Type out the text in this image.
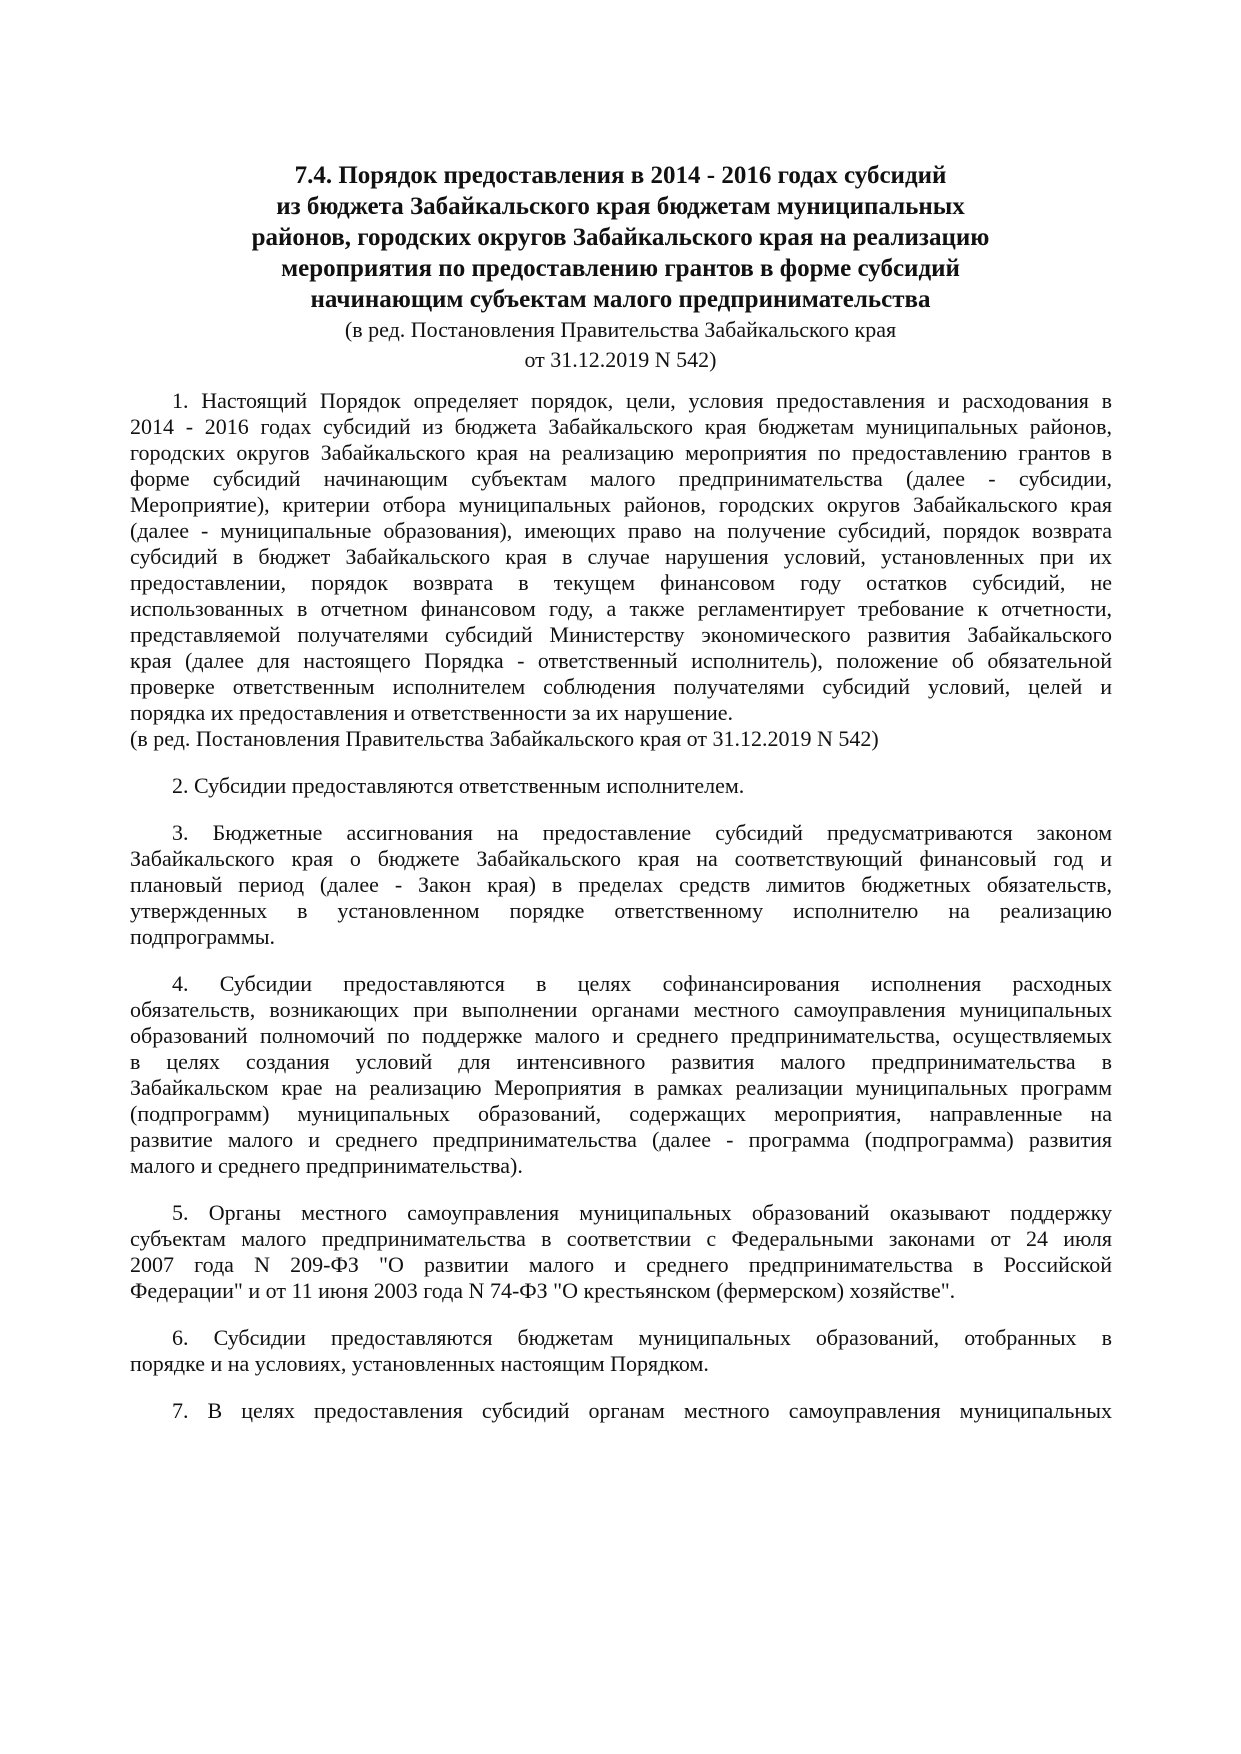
7.4. Порядок предоставления в 2014 - 2016 годах субсидий
из бюджета Забайкальского края бюджетам муниципальных
районов, городских округов Забайкальского края на реализацию
мероприятия по предоставлению грантов в форме субсидий
начинающим субъектам малого предпринимательства
(в ред. Постановления Правительства Забайкальского края
от 31.12.2019 N 542)
1. Настоящий Порядок определяет порядок, цели, условия предоставления и расходования в
2014 - 2016 годах субсидий из бюджета Забайкальского края бюджетам муниципальных районов,
городских округов Забайкальского края на реализацию мероприятия по предоставлению грантов в
форме субсидий начинающим субъектам малого предпринимательства (далее - субсидии,
Мероприятие), критерии отбора муниципальных районов, городских округов Забайкальского края
(далее - муниципальные образования), имеющих право на получение субсидий, порядок возврата
субсидий в бюджет Забайкальского края в случае нарушения условий, установленных при их
предоставлении, порядок возврата в текущем финансовом году остатков субсидий, не
использованных в отчетном финансовом году, а также регламентирует требование к отчетности,
представляемой получателями субсидий Министерству экономического развития Забайкальского
края (далее для настоящего Порядка - ответственный исполнитель), положение об обязательной
проверке ответственным исполнителем соблюдения получателями субсидий условий, целей и
порядка их предоставления и ответственности за их нарушение.
(в ред. Постановления Правительства Забайкальского края от 31.12.2019 N 542)
2. Субсидии предоставляются ответственным исполнителем.
3. Бюджетные ассигнования на предоставление субсидий предусматриваются законом
Забайкальского края о бюджете Забайкальского края на соответствующий финансовый год и
плановый период (далее - Закон края) в пределах средств лимитов бюджетных обязательств,
утвержденных в установленном порядке ответственному исполнителю на реализацию
подпрограммы.
4. Субсидии предоставляются в целях софинансирования исполнения расходных
обязательств, возникающих при выполнении органами местного самоуправления муниципальных
образований полномочий по поддержке малого и среднего предпринимательства, осуществляемых
в целях создания условий для интенсивного развития малого предпринимательства в
Забайкальском крае на реализацию Мероприятия в рамках реализации муниципальных программ
(подпрограмм) муниципальных образований, содержащих мероприятия, направленные на
развитие малого и среднего предпринимательства (далее - программа (подпрограмма) развития
малого и среднего предпринимательства).
5. Органы местного самоуправления муниципальных образований оказывают поддержку
субъектам малого предпринимательства в соответствии с Федеральными законами от 24 июля
2007 года N 209-ФЗ "О развитии малого и среднего предпринимательства в Российской
Федерации" и от 11 июня 2003 года N 74-ФЗ "О крестьянском (фермерском) хозяйстве".
6. Субсидии предоставляются бюджетам муниципальных образований, отобранных в
порядке и на условиях, установленных настоящим Порядком.
7. В целях предоставления субсидий органам местного самоуправления муниципальных
